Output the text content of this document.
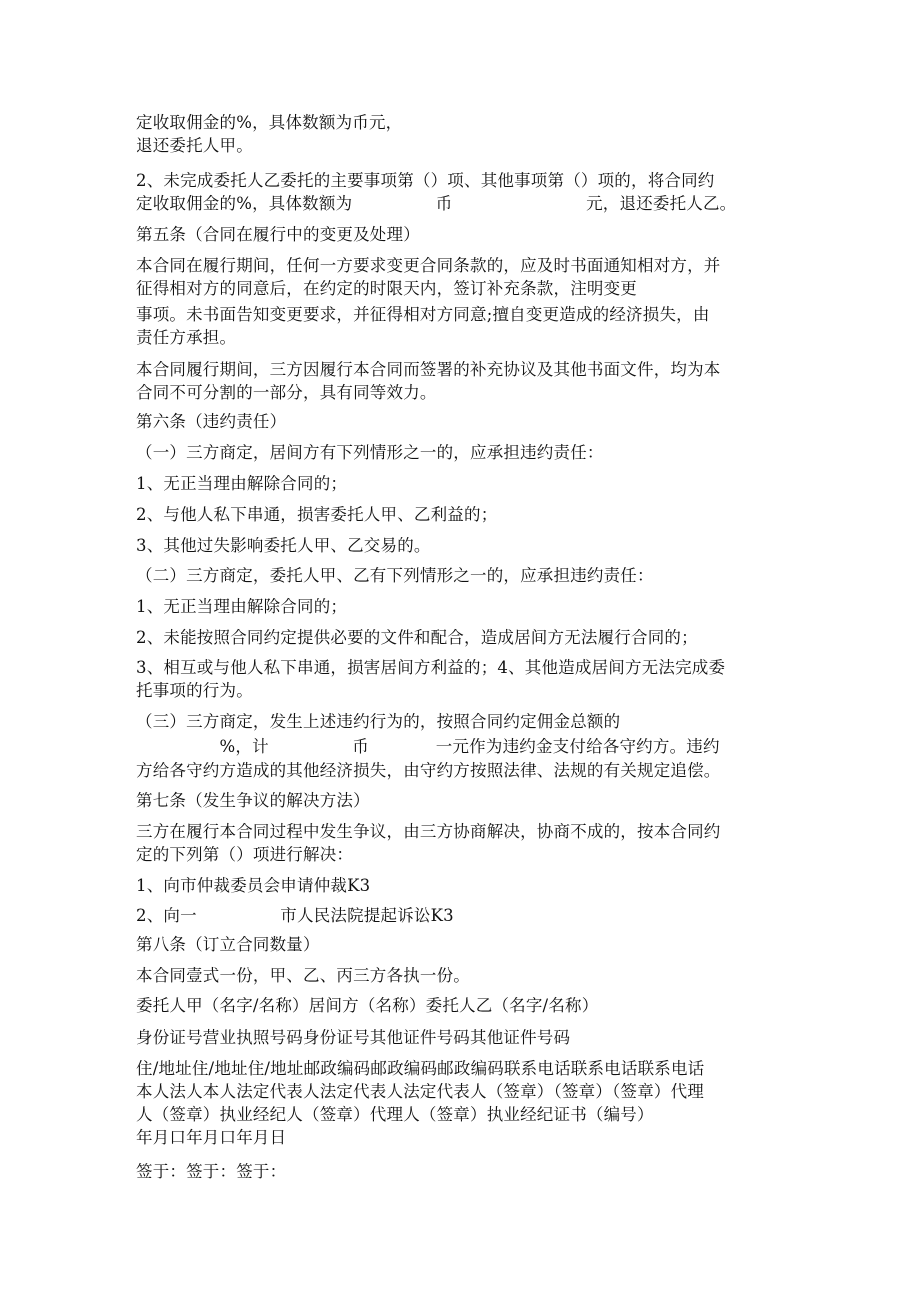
定收取佣金的%，具体数额为币元，
退还委托人甲。
2、未完成委托人乙委托的主要事项第（）项、其他事项第（）项的，将合同约
定收取佣金的%，具体数额为　　　　　币　　　　　　　　元，退还委托人乙。
第五条（合同在履行中的变更及处理）
本合同在履行期间，任何一方要求变更合同条款的，应及时书面通知相对方，并
征得相对方的同意后，在约定的时限天内，签订补充条款，注明变更
事项。未书面告知变更要求，并征得相对方同意;擅自变更造成的经济损失，由
责任方承担。
本合同履行期间，三方因履行本合同而签署的补充协议及其他书面文件，均为本
合同不可分割的一部分，具有同等效力。
第六条（违约责任）
（一）三方商定，居间方有下列情形之一的，应承担违约责任：
1、无正当理由解除合同的；
2、与他人私下串通，损害委托人甲、乙利益的；
3、其他过失影响委托人甲、乙交易的。
（二）三方商定，委托人甲、乙有下列情形之一的，应承担违约责任：
1、无正当理由解除合同的；
2、未能按照合同约定提供必要的文件和配合，造成居间方无法履行合同的；
3、相互或与他人私下串通，损害居间方利益的；4、其他造成居间方无法完成委
托事项的行为。
（三）三方商定，发生上述违约行为的，按照合同约定佣金总额的
　　　　　%，计　　　　　币　　　　一元作为违约金支付给各守约方。违约
方给各守约方造成的其他经济损失，由守约方按照法律、法规的有关规定追偿。
第七条（发生争议的解决方法）
三方在履行本合同过程中发生争议，由三方协商解决，协商不成的，按本合同约
定的下列第（）项进行解决：
1、向市仲裁委员会申请仲裁K3
2、向一　　　　　市人民法院提起诉讼K3
第八条（订立合同数量）
本合同壹式一份，甲、乙、丙三方各执一份。
委托人甲（名字/名称）居间方（名称）委托人乙（名字/名称）
身份证号营业执照号码身份证号其他证件号码其他证件号码
住/地址住/地址住/地址邮政编码邮政编码邮政编码联系电话联系电话联系电话
本人法人本人法定代表人法定代表人法定代表人（签章）（签章）（签章）代理
人（签章）执业经纪人（签章）代理人（签章）执业经纪证书（编号）
年月口年月口年月日
签于：签于：签于：
